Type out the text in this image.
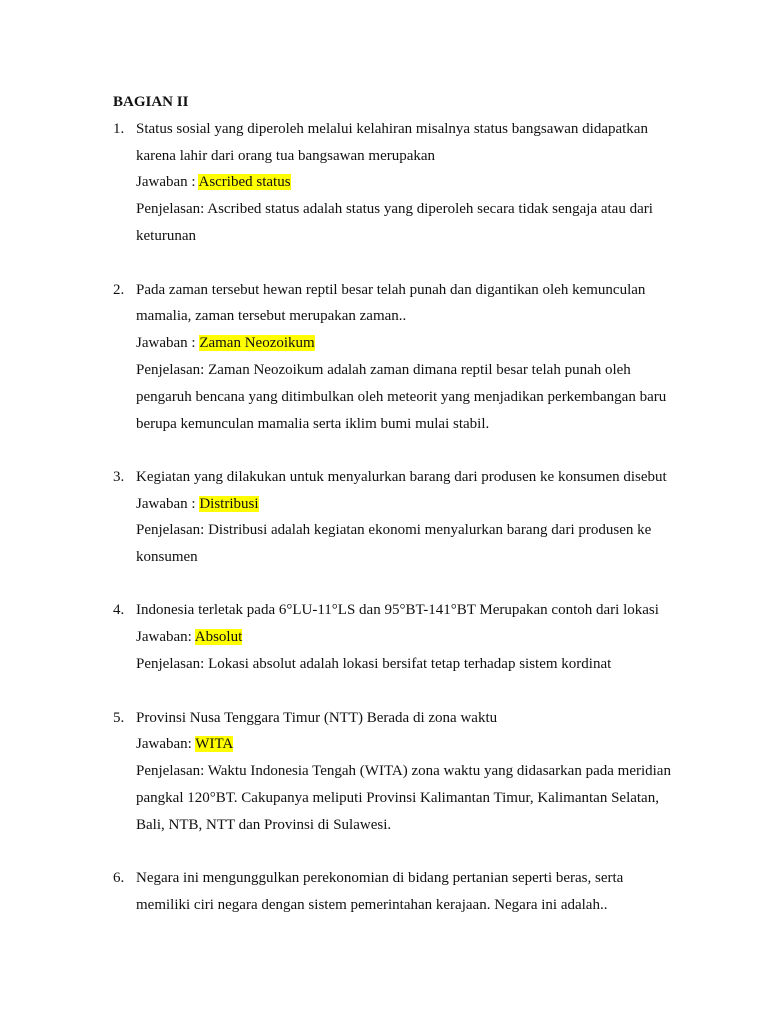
BAGIAN II
1. Status sosial yang diperoleh melalui kelahiran misalnya status bangsawan didapatkan
karena lahir dari orang tua bangsawan merupakan
Jawaban : Ascribed status
Penjelasan: Ascribed status adalah status yang diperoleh secara tidak sengaja atau dari
keturunan
2. Pada zaman tersebut hewan reptil besar telah punah dan digantikan oleh kemunculan
mamalia, zaman tersebut merupakan zaman..
Jawaban : Zaman Neozoikum
Penjelasan: Zaman Neozoikum adalah zaman dimana reptil besar telah punah oleh
pengaruh bencana yang ditimbulkan oleh meteorit yang menjadikan perkembangan baru
berupa kemunculan mamalia serta iklim bumi mulai stabil.
3. Kegiatan yang dilakukan untuk menyalurkan barang dari produsen ke konsumen disebut
Jawaban : Distribusi
Penjelasan: Distribusi adalah kegiatan ekonomi menyalurkan barang dari produsen ke
konsumen
4. Indonesia terletak pada 6°LU-11°LS dan 95°BT-141°BT Merupakan contoh dari lokasi
Jawaban: Absolut
Penjelasan: Lokasi absolut adalah lokasi bersifat tetap terhadap sistem kordinat
5. Provinsi Nusa Tenggara Timur (NTT) Berada di zona waktu
Jawaban: WITA
Penjelasan: Waktu Indonesia Tengah (WITA) zona waktu yang didasarkan pada meridian
pangkal 120°BT. Cakupanya meliputi Provinsi Kalimantan Timur, Kalimantan Selatan,
Bali, NTB, NTT dan Provinsi di Sulawesi.
6. Negara ini mengunggulkan perekonomian di bidang pertanian seperti beras, serta
memiliki ciri negara dengan sistem pemerintahan kerajaan. Negara ini adalah..
